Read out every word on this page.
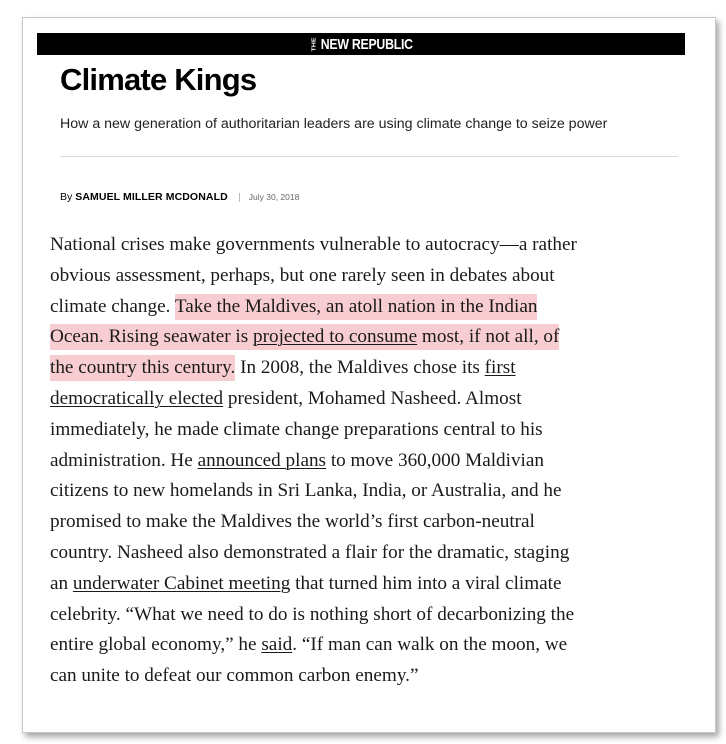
THE NEW REPUBLIC
Climate Kings

How a new generation of authoritarian leaders are using climate change to seize power

By SAMUEL MILLER MCDONALD July 30, 2018
National crises make governments vulnerable to autocracy—a rather
obvious assessment, perhaps, but one rarely seen in debates about
climate change. Take the Maldives, an atoll nation in the Indian
Ocean. Rising seawater is projected to consume most, if not all, of
the country this century. In 2008, the Maldives chose its first
democratically elected president, Mohamed Nasheed. Almost
immediately, he made climate change preparations central to his
administration. He announced plans to move 360,000 Maldivian
citizens to new homelands in Sri Lanka, India, or Australia, and he
promised to make the Maldives the world’s first carbon-neutral
country. Nasheed also demonstrated a flair for the dramatic, staging
an underwater Cabinet meeting that turned him into a viral climate
celebrity. “What we need to do is nothing short of decarbonizing the
entire global economy,” he said. “If man can walk on the moon, we
can unite to defeat our common carbon enemy.”
